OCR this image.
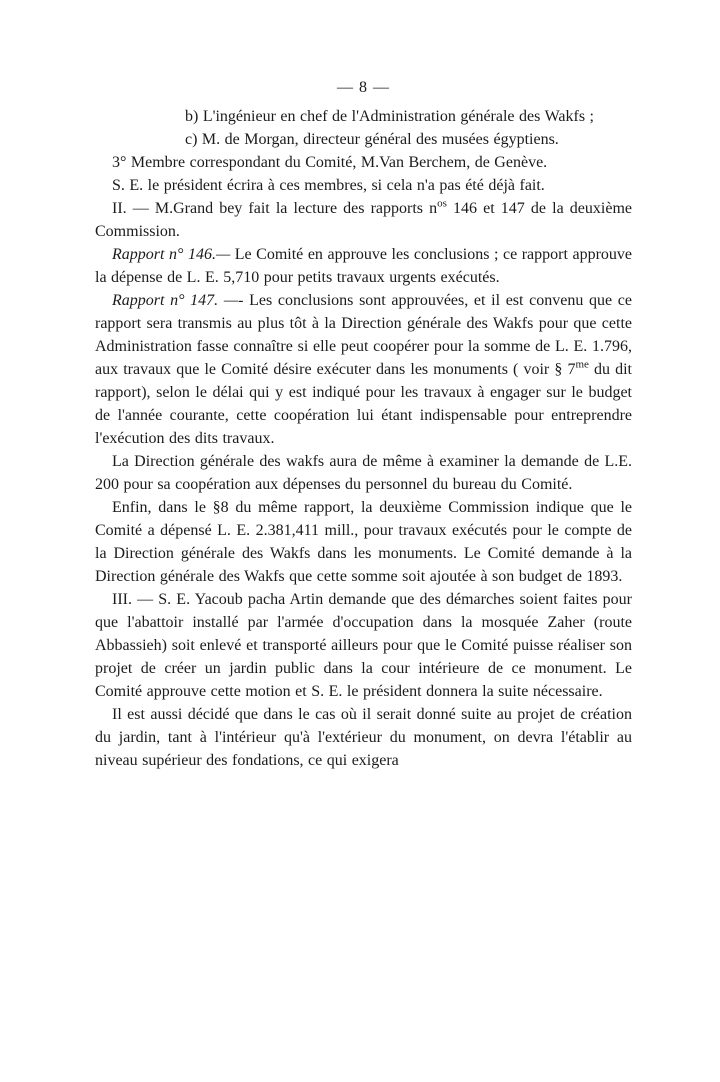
— 8 —

b) L'ingénieur en chef de l'Administration générale des Wakfs ;

c) M. de Morgan, directeur général des musées égyptiens.

3° Membre correspondant du Comité, M.Van Berchem, de Genève.

S. E. le président écrira à ces membres, si cela n'a pas été déjà fait.

II. — M.Grand bey fait la lecture des rapports $n^{os}$ 146 et 147 de la deuxième Commission.

Rapport n° 146.— Le Comité en approuve les conclusions ; ce rapport approuve la dépense de L. E. 5,710 pour petits travaux urgents exécutés.

Rapport n° 147. —- Les conclusions sont approuvées, et il est convenu que ce rapport sera transmis au plus tôt à la Direction générale des Wakfs pour que cette Administration fasse connaître si elle peut coopérer pour la somme de L. E. 1.796, aux travaux que le Comité désire exécuter dans les monuments ( voir § $7^{me}$ du dit rapport), selon le délai qui y est indiqué pour les travaux à engager sur le budget de l'année courante, cette coopération lui étant indispensable pour entreprendre l'exécution des dits travaux.

La Direction générale des wakfs aura de même à examiner la demande de L.E. 200 pour sa coopération aux dépenses du personnel du bureau du Comité.

Enfin, dans le §8 du même rapport, la deuxième Commission indique que le Comité a dépensé L. E. 2.381,411 mill., pour travaux exécutés pour le compte de la Direction générale des Wakfs dans les monuments. Le Comité demande à la Direction générale des Wakfs que cette somme soit ajoutée à son budget de 1893.

III. — S. E. Yacoub pacha Artin demande que des démarches soient faites pour que l'abattoir installé par l'armée d'occupation dans la mosquée Zaher (route Abbassieh) soit enlevé et transporté ailleurs pour que le Comité puisse réaliser son projet de créer un jardin public dans la cour intérieure de ce monument. Le Comité approuve cette motion et S. E. le président donnera la suite nécessaire.

Il est aussi décidé que dans le cas où il serait donné suite au projet de création du jardin, tant à l'intérieur qu'à l'extérieur du monument, on devra l'établir au niveau supérieur des fondations, ce qui exigera
